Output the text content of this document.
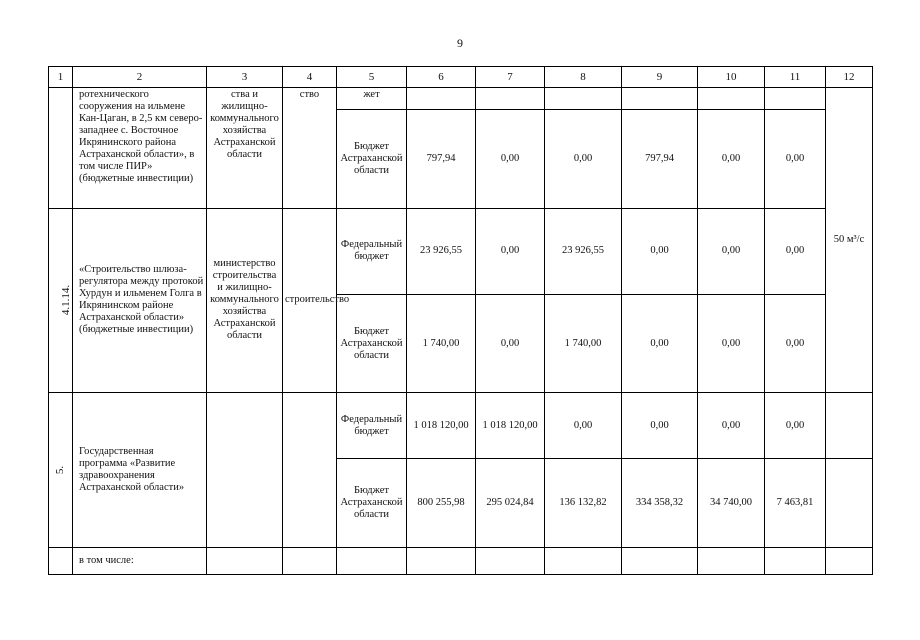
9
1	2	3	4	5	6	7	8	9	10	11	12
	ротехнического сооружения на ильмене Кан-Цаган, в 2,5 км северо-западнее с. Восточное Икрянинского района Астраханской области», в том числе ПИР» (бюджетные инвестиции)	ства и жилищно-коммунального хозяйства Астраханской области	ство	жет							50 м³/с
				Бюджет Астраханской области	797,94	0,00	0,00	797,94	0,00	0,00	
4.1.14.	«Строительство шлюза-регулятора между протокой Хурдун и ильменем Голга в Икрянинском районе Астраханской области» (бюджетные инвестиции)	министерство строительства и жилищно-коммунального хозяйства Астраханской области	строительство	Федеральный бюджет	23 926,55	0,00	23 926,55	0,00	0,00	0,00	
				Бюджет Астраханской области	1 740,00	0,00	1 740,00	0,00	0,00	0,00	
5.	Государственная программа «Развитие здравоохранения Астраханской области»			Федеральный бюджет	1 018 120,00	1 018 120,00	0,00	0,00	0,00	0,00	
				Бюджет Астраханской области	800 255,98	295 024,84	136 132,82	334 358,32	34 740,00	7 463,81	
	в том числе:										
